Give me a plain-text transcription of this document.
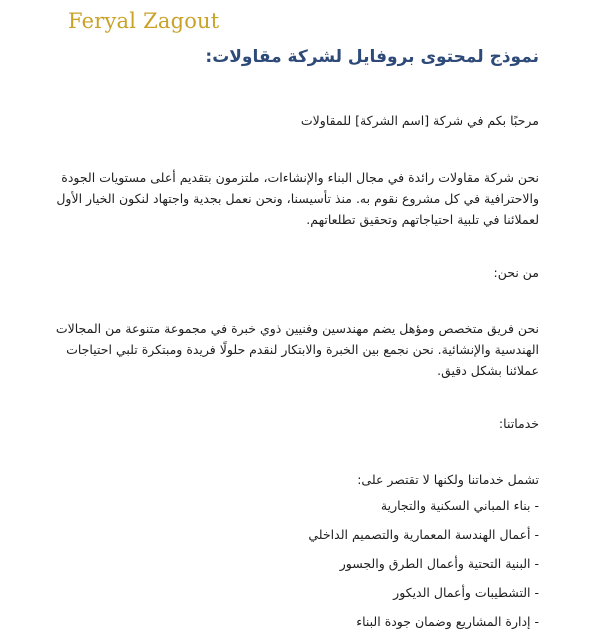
Feryal Zagout
نموذج لمحتوى بروفايل لشركة مقاولات:
مرحبًا بكم في شركة [اسم الشركة] للمقاولات
نحن شركة مقاولات رائدة في مجال البناء والإنشاءات، ملتزمون بتقديم أعلى مستويات الجودة والاحترافية في كل مشروع نقوم به. منذ تأسيسنا، ونحن نعمل بجدية واجتهاد لنكون الخيار الأول لعملائنا في تلبية احتياجاتهم وتحقيق تطلعاتهم.
من نحن:
نحن فريق متخصص ومؤهل يضم مهندسين وفنيين ذوي خبرة في مجموعة متنوعة من المجالات الهندسية والإنشائية. نحن نجمع بين الخبرة والابتكار لنقدم حلولًا فريدة ومبتكرة تلبي احتياجات عملائنا بشكل دقيق.
خدماتنا:
تشمل خدماتنا ولكنها لا تقتصر على:
- بناء المباني السكنية والتجارية
- أعمال الهندسة المعمارية والتصميم الداخلي
- البنية التحتية وأعمال الطرق والجسور
- التشطيبات وأعمال الديكور
- إدارة المشاريع وضمان جودة البناء
